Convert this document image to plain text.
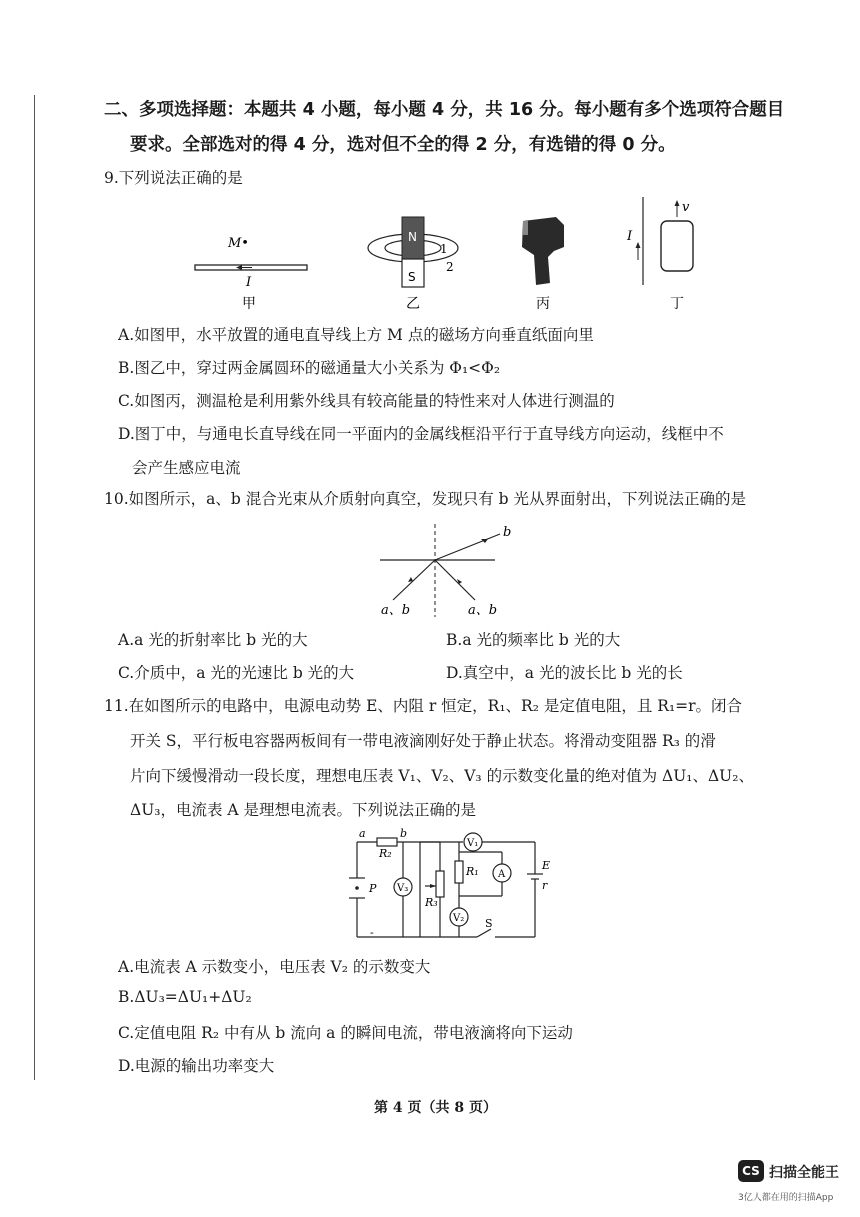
二、多项选择题：本题共 4 小题，每小题 4 分，共 16 分。每小题有多个选项符合题目
要求。全部选对的得 4 分，选对但不全的得 2 分，有选错的得 0 分。
9.下列说法正确的是
M•
I
甲
N
S
1
2
乙	丙
I
v
丁
A.如图甲，水平放置的通电直导线上方 M 点的磁场方向垂直纸面向里
B.图乙中，穿过两金属圆环的磁通量大小关系为 Φ₁<Φ₂
C.如图丙，测温枪是利用紫外线具有较高能量的特性来对人体进行测温的
D.图丁中，与通电长直导线在同一平面内的金属线框沿平行于直导线方向运动，线框中不
会产生感应电流
10.如图所示，a、b 混合光束从介质射向真空，发现只有 b 光从界面射出，下列说法正确的是
b
a、b	a、b
A.a 光的折射率比 b 光的大	B.a 光的频率比 b 光的大
C.介质中，a 光的光速比 b 光的大	D.真空中，a 光的波长比 b 光的长
11.在如图所示的电路中，电源电动势 E、内阻 r 恒定，R₁、R₂ 是定值电阻，且 R₁=r。闭合
开关 S，平行板电容器两板间有一带电液滴刚好处于静止状态。将滑动变阻器 R₃ 的滑
片向下缓慢滑动一段长度，理想电压表 V₁、V₂、V₃ 的示数变化量的绝对值为 ΔU₁、ΔU₂、
ΔU₃，电流表 A 是理想电流表。下列说法正确的是
a	b
R₂
R₁
R₃
V₁
V₃
V₂
A
E
r
P
S
-
A.电流表 A 示数变小，电压表 V₂ 的示数变大
B.ΔU₃=ΔU₁+ΔU₂
C.定值电阻 R₂ 中有从 b 流向 a 的瞬间电流，带电液滴将向下运动
D.电源的输出功率变大
第 4 页（共 8 页）
CS 扫描全能王
3亿人都在用的扫描App
